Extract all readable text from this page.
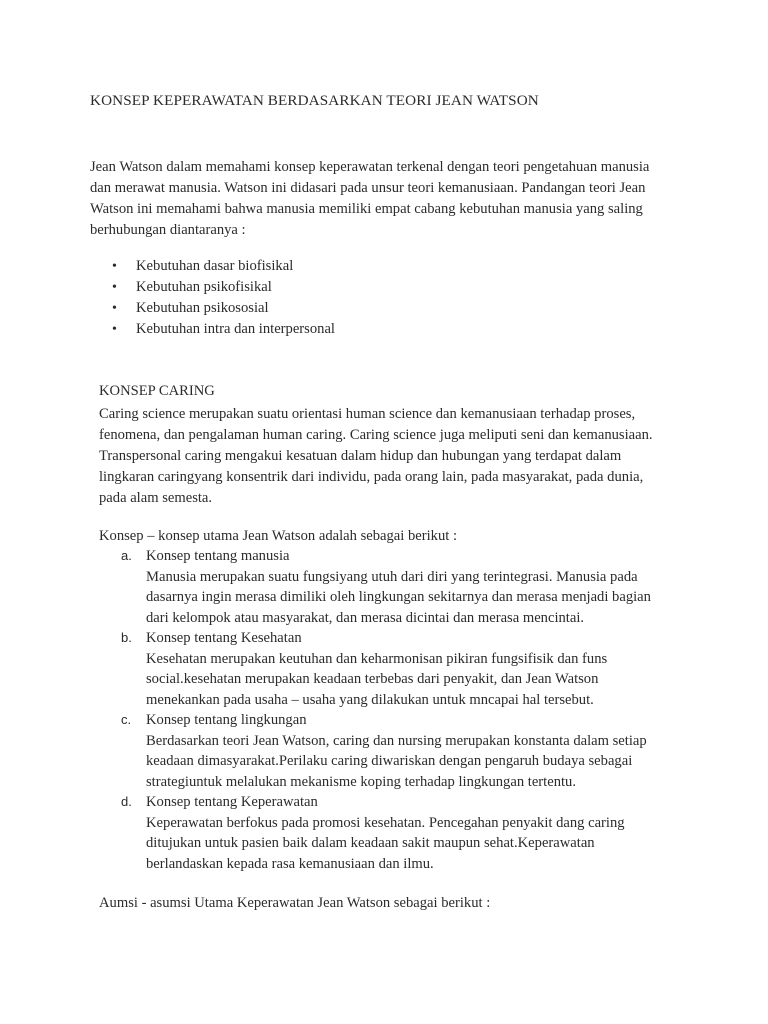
KONSEP KEPERAWATAN BERDASARKAN TEORI JEAN WATSON

Jean Watson dalam memahami konsep keperawatan terkenal dengan teori pengetahuan manusia
dan merawat manusia. Watson ini didasari pada unsur teori kemanusiaan. Pandangan teori Jean
Watson ini memahami bahwa manusia memiliki empat cabang kebutuhan manusia yang saling
berhubungan diantaranya :

• Kebutuhan dasar biofisikal
• Kebutuhan psikofisikal
• Kebutuhan psikososial
• Kebutuhan intra dan interpersonal
KONSEP CARING

Caring science merupakan suatu orientasi human science dan kemanusiaan terhadap proses,
fenomena, dan pengalaman human caring. Caring science juga meliputi seni dan kemanusiaan.
Transpersonal caring mengakui kesatuan dalam hidup dan hubungan yang terdapat dalam
lingkaran caringyang konsentrik dari individu, pada orang lain, pada masyarakat, pada dunia,
pada alam semesta.

Konsep – konsep utama Jean Watson adalah sebagai berikut :
a. Konsep tentang manusia
Manusia merupakan suatu fungsiyang utuh dari diri yang terintegrasi. Manusia pada
dasarnya ingin merasa dimiliki oleh lingkungan sekitarnya dan merasa menjadi bagian
dari kelompok atau masyarakat, dan merasa dicintai dan merasa mencintai.
b. Konsep tentang Kesehatan
Kesehatan merupakan keutuhan dan keharmonisan pikiran fungsifisik dan funs
social.kesehatan merupakan keadaan terbebas dari penyakit, dan Jean Watson
menekankan pada usaha – usaha yang dilakukan untuk mncapai hal tersebut.
c. Konsep tentang lingkungan
Berdasarkan teori Jean Watson, caring dan nursing merupakan konstanta dalam setiap
keadaan dimasyarakat.Perilaku caring diwariskan dengan pengaruh budaya sebagai
strategiuntuk melalukan mekanisme koping terhadap lingkungan tertentu.
d. Konsep tentang Keperawatan
Keperawatan berfokus pada promosi kesehatan. Pencegahan penyakit dang caring
ditujukan untuk pasien baik dalam keadaan sakit maupun sehat.Keperawatan
berlandaskan kepada rasa kemanusiaan dan ilmu.
Aumsi - asumsi Utama Keperawatan Jean Watson sebagai berikut :
